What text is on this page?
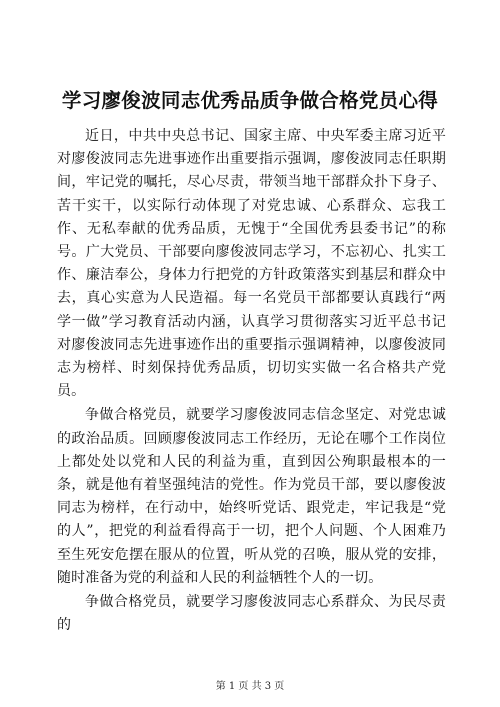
学习廖俊波同志优秀品质争做合格党员心得

近日，中共中央总书记、国家主席、中央军委主席习近平对廖俊波同志先进事迹作出重要指示强调，廖俊波同志任职期间，牢记党的嘱托，尽心尽责，带领当地干部群众扑下身子、苦干实干，以实际行动体现了对党忠诚、心系群众、忘我工作、无私奉献的优秀品质，无愧于“全国优秀县委书记”的称号。广大党员、干部要向廖俊波同志学习，不忘初心、扎实工作、廉洁奉公，身体力行把党的方针政策落实到基层和群众中去，真心实意为人民造福。每一名党员干部都要认真践行“两学一做”学习教育活动内涵，认真学习贯彻落实习近平总书记对廖俊波同志先进事迹作出的重要指示强调精神，以廖俊波同志为榜样、时刻保持优秀品质，切切实实做一名合格共产党员。

争做合格党员，就要学习廖俊波同志信念坚定、对党忠诚的政治品质。回顾廖俊波同志工作经历，无论在哪个工作岗位上都处处以党和人民的利益为重，直到因公殉职最根本的一条，就是他有着坚强纯洁的党性。作为党员干部，要以廖俊波同志为榜样，在行动中，始终听党话、跟党走，牢记我是“党的人”，把党的利益看得高于一切，把个人问题、个人困难乃至生死安危摆在服从的位置，听从党的召唤，服从党的安排，随时准备为党的利益和人民的利益牺牲个人的一切。

争做合格党员，就要学习廖俊波同志心系群众、为民尽责的

第 1 页 共 3 页
